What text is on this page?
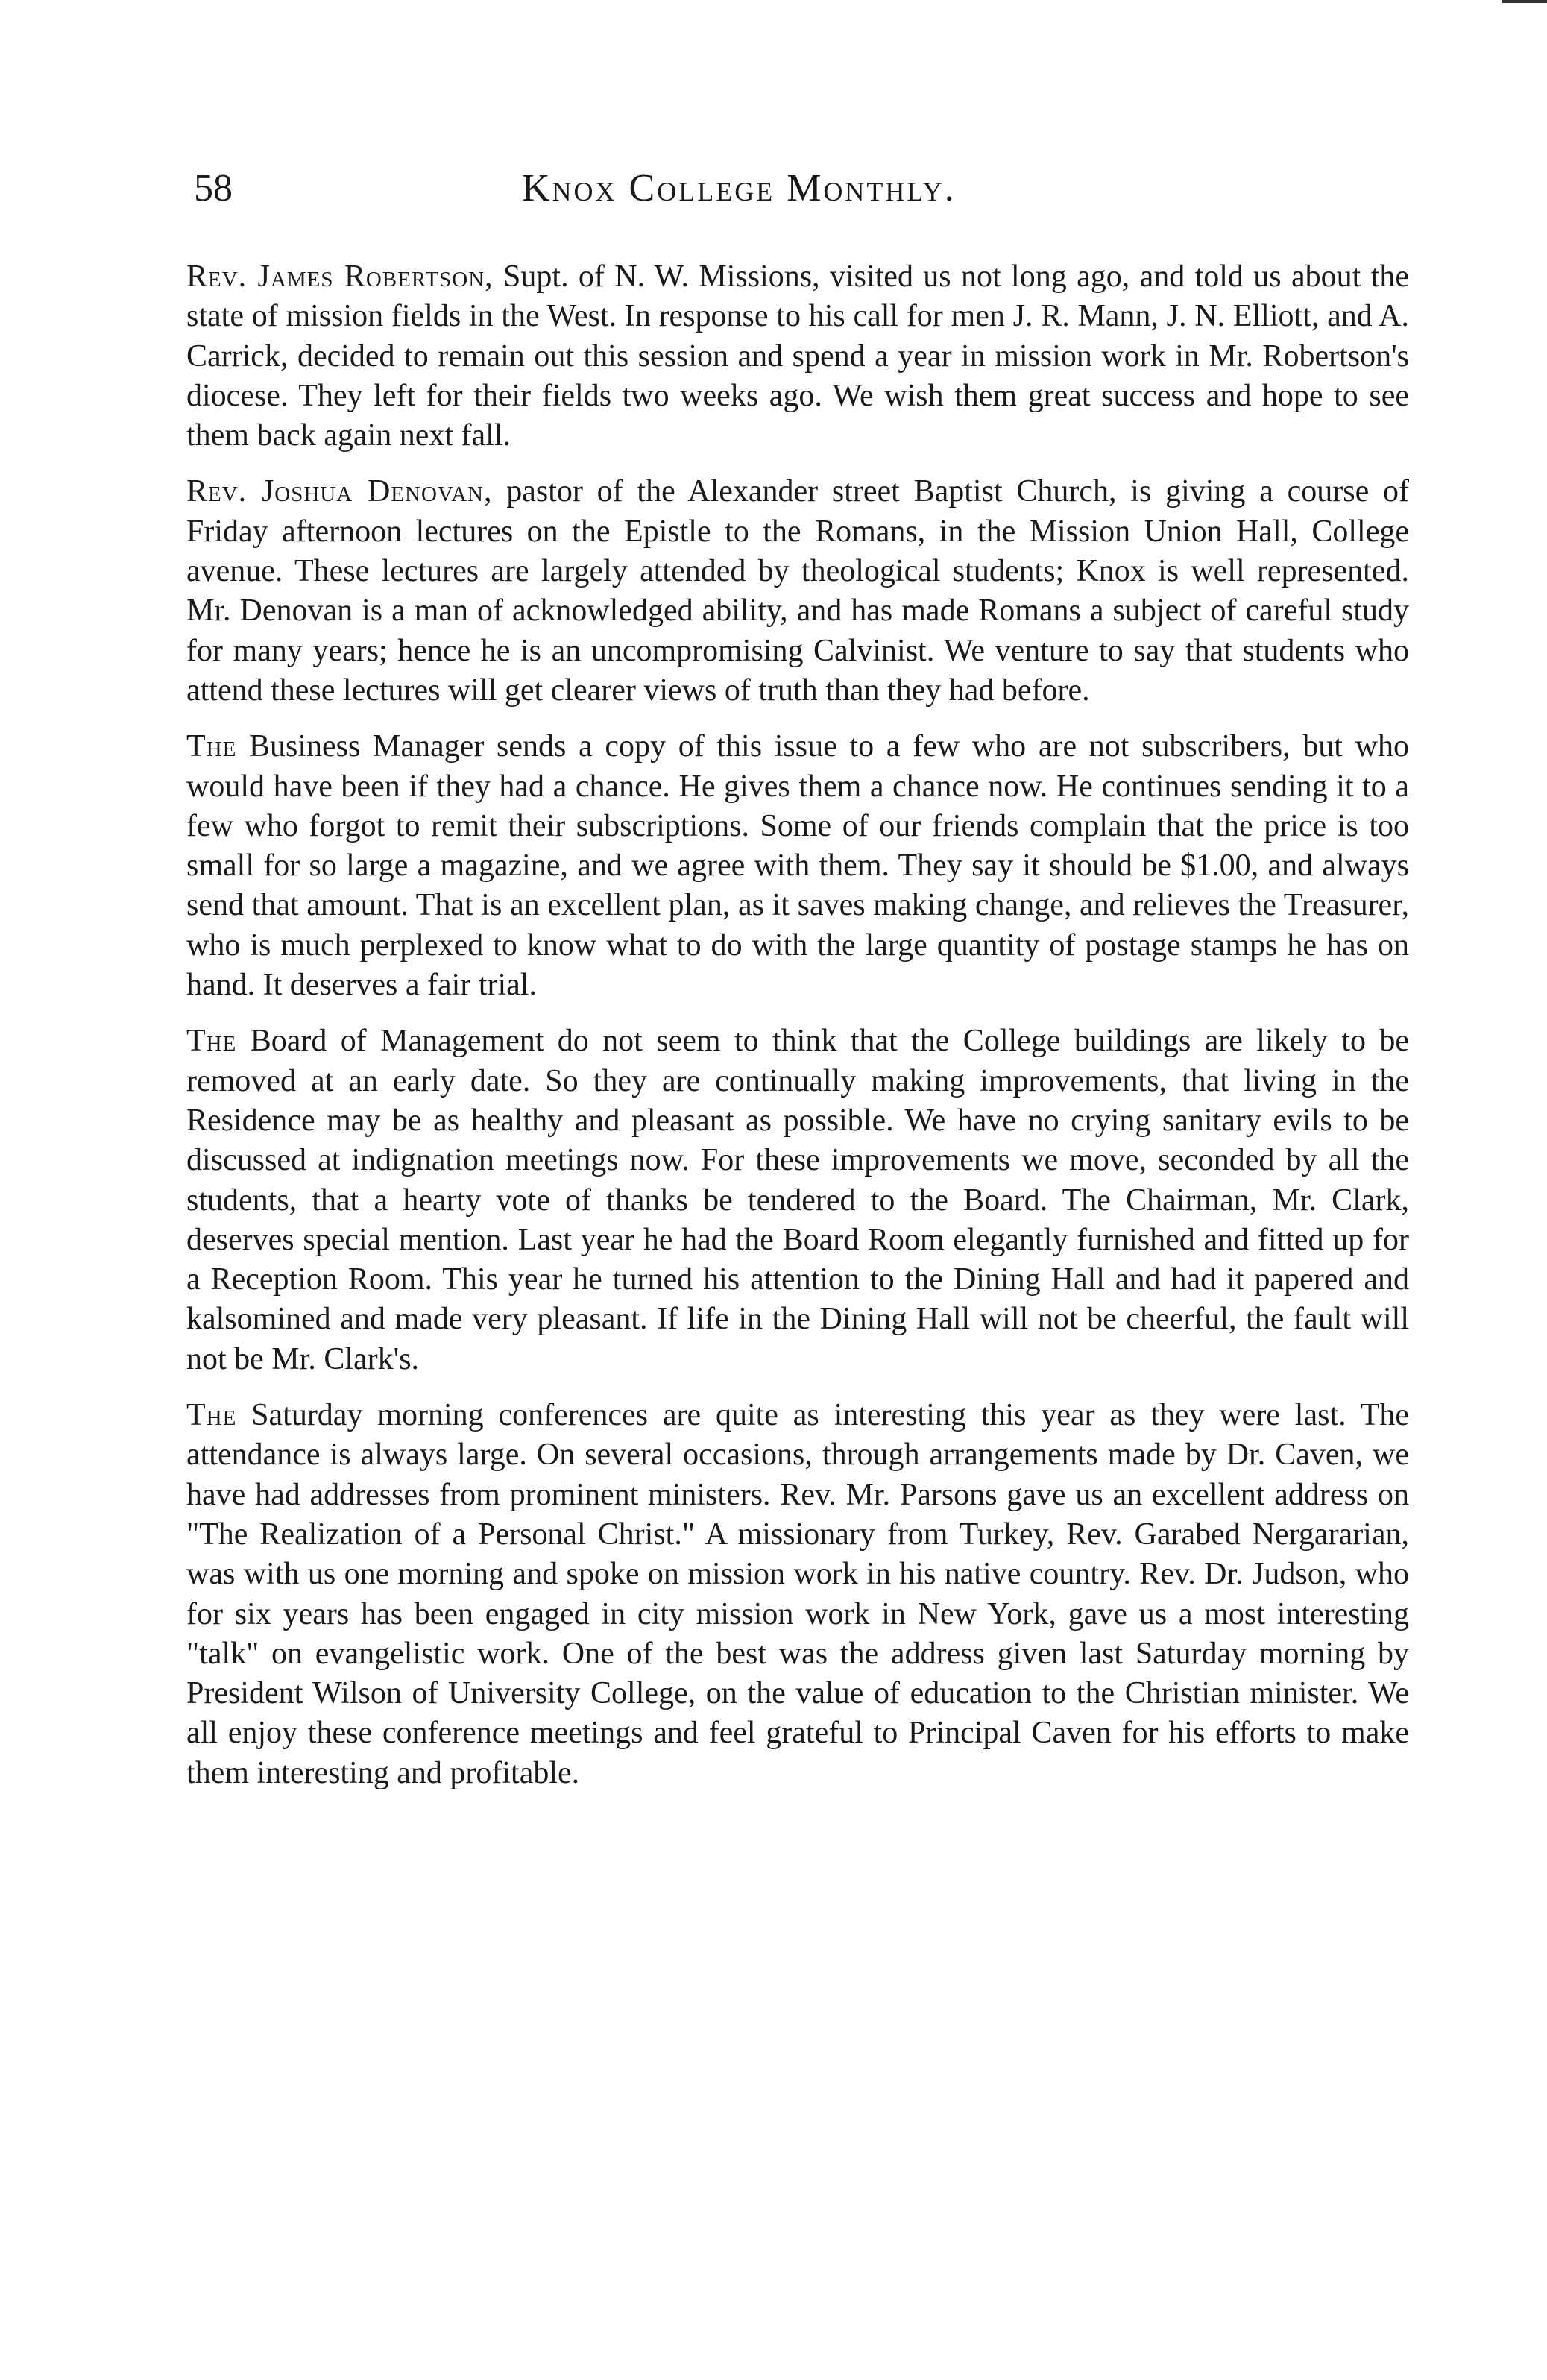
58	Knox College Monthly.

Rev. James Robertson, Supt. of N. W. Missions, visited us not long ago, and told us about the state of mission fields in the West. In response to his call for men J. R. Mann, J. N. Elliott, and A. Carrick, decided to remain out this session and spend a year in mission work in Mr. Robertson's diocese. They left for their fields two weeks ago. We wish them great success and hope to see them back again next fall.

Rev. Joshua Denovan, pastor of the Alexander street Baptist Church, is giving a course of Friday afternoon lectures on the Epistle to the Romans, in the Mission Union Hall, College avenue. These lectures are largely attended by theological students; Knox is well represented. Mr. Denovan is a man of acknowledged ability, and has made Romans a subject of careful study for many years; hence he is an uncompromising Calvinist. We venture to say that students who attend these lectures will get clearer views of truth than they had before.

The Business Manager sends a copy of this issue to a few who are not subscribers, but who would have been if they had a chance. He gives them a chance now. He continues sending it to a few who forgot to remit their subscriptions. Some of our friends complain that the price is too small for so large a magazine, and we agree with them. They say it should be $1.00, and always send that amount. That is an excellent plan, as it saves making change, and relieves the Treasurer, who is much perplexed to know what to do with the large quantity of postage stamps he has on hand. It deserves a fair trial.

The Board of Management do not seem to think that the College buildings are likely to be removed at an early date. So they are continually making improvements, that living in the Residence may be as healthy and pleasant as possible. We have no crying sanitary evils to be discussed at indignation meetings now. For these improvements we move, seconded by all the students, that a hearty vote of thanks be tendered to the Board. The Chairman, Mr. Clark, deserves special mention. Last year he had the Board Room elegantly furnished and fitted up for a Reception Room. This year he turned his attention to the Dining Hall and had it papered and kalsomined and made very pleasant. If life in the Dining Hall will not be cheerful, the fault will not be Mr. Clark's.

The Saturday morning conferences are quite as interesting this year as they were last. The attendance is always large. On several occasions, through arrangements made by Dr. Caven, we have had addresses from prominent ministers. Rev. Mr. Parsons gave us an excellent address on "The Realization of a Personal Christ." A missionary from Turkey, Rev. Garabed Nergararian, was with us one morning and spoke on mission work in his native country. Rev. Dr. Judson, who for six years has been engaged in city mission work in New York, gave us a most interesting "talk" on evangelistic work. One of the best was the address given last Saturday morning by President Wilson of University College, on the value of education to the Christian minister. We all enjoy these conference meetings and feel grateful to Principal Caven for his efforts to make them interesting and profitable.
